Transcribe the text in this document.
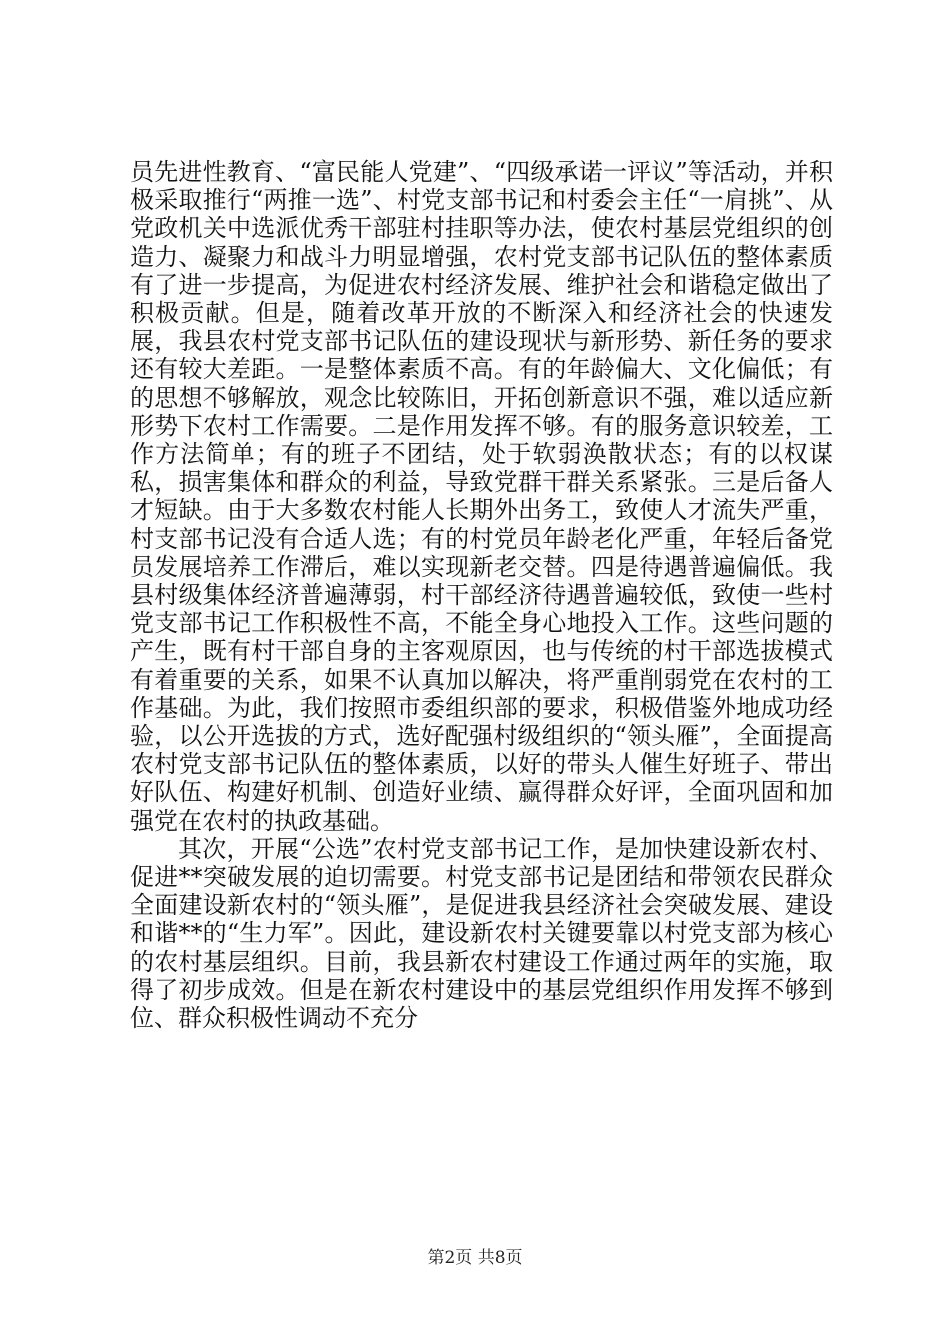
员先进性教育、“富民能人党建”、“四级承诺一评议”等活动，并积极采取推行“两推一选”、村党支部书记和村委会主任“一肩挑”、从党政机关中选派优秀干部驻村挂职等办法，使农村基层党组织的创造力、凝聚力和战斗力明显增强，农村党支部书记队伍的整体素质有了进一步提高，为促进农村经济发展、维护社会和谐稳定做出了积极贡献。但是，随着改革开放的不断深入和经济社会的快速发展，我县农村党支部书记队伍的建设现状与新形势、新任务的要求还有较大差距。一是整体素质不高。有的年龄偏大、文化偏低；有的思想不够解放，观念比较陈旧，开拓创新意识不强，难以适应新形势下农村工作需要。二是作用发挥不够。有的服务意识较差，工作方法简单；有的班子不团结，处于软弱涣散状态；有的以权谋私，损害集体和群众的利益，导致党群干群关系紧张。三是后备人才短缺。由于大多数农村能人长期外出务工，致使人才流失严重，村支部书记没有合适人选；有的村党员年龄老化严重，年轻后备党员发展培养工作滞后，难以实现新老交替。四是待遇普遍偏低。我县村级集体经济普遍薄弱，村干部经济待遇普遍较低，致使一些村党支部书记工作积极性不高，不能全身心地投入工作。这些问题的产生，既有村干部自身的主客观原因，也与传统的村干部选拔模式有着重要的关系，如果不认真加以解决，将严重削弱党在农村的工作基础。为此，我们按照市委组织部的要求，积极借鉴外地成功经验，以公开选拔的方式，选好配强村级组织的“领头雁”，全面提高农村党支部书记队伍的整体素质，以好的带头人催生好班子、带出好队伍、构建好机制、创造好业绩、赢得群众好评，全面巩固和加强党在农村的执政基础。

其次，开展“公选”农村党支部书记工作，是加快建设新农村、促进**突破发展的迫切需要。村党支部书记是团结和带领农民群众全面建设新农村的“领头雁”，是促进我县经济社会突破发展、建设和谐**的“生力军”。因此，建设新农村关键要靠以村党支部为核心的农村基层组织。目前，我县新农村建设工作通过两年的实施，取得了初步成效。但是在新农村建设中的基层党组织作用发挥不够到位、群众积极性调动不充分

第2页 共8页
